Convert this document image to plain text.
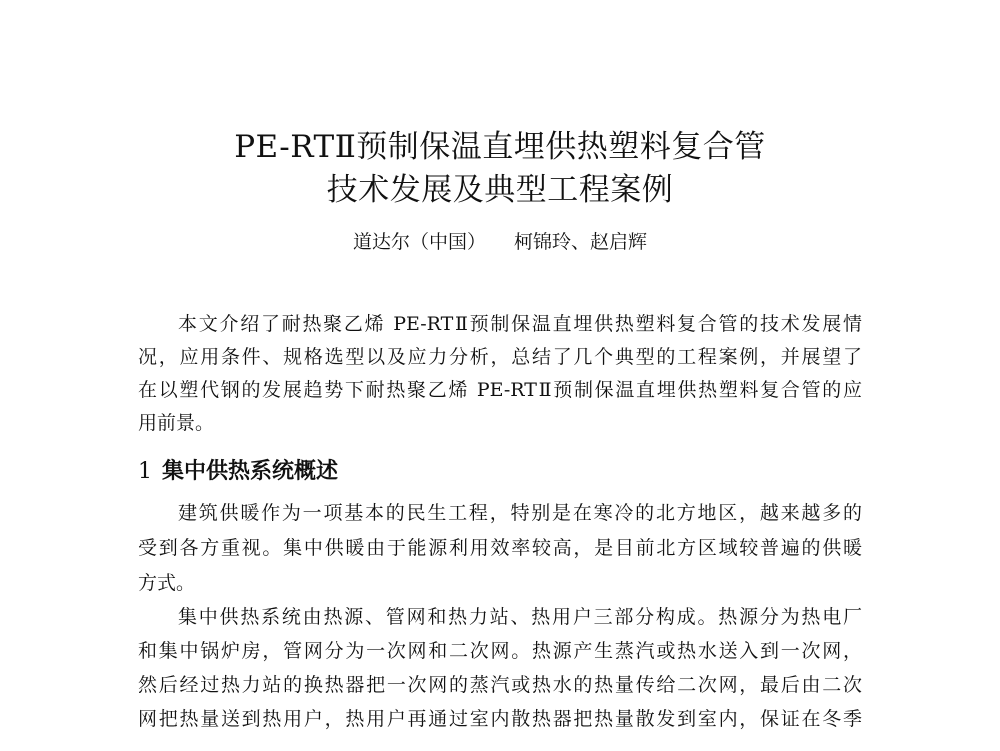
PE-RTⅡ预制保温直埋供热塑料复合管
技术发展及典型工程案例
道达尔（中国） 柯锦玲、赵启辉
本文介绍了耐热聚乙烯 PE-RTⅡ预制保温直埋供热塑料复合管的技术发展情
况，应用条件、规格选型以及应力分析，总结了几个典型的工程案例，并展望了
在以塑代钢的发展趋势下耐热聚乙烯 PE-RTⅡ预制保温直埋供热塑料复合管的应
用前景。
1 集中供热系统概述
建筑供暖作为一项基本的民生工程，特别是在寒冷的北方地区，越来越多的
受到各方重视。集中供暖由于能源利用效率较高，是目前北方区域较普遍的供暖
方式。
集中供热系统由热源、管网和热力站、热用户三部分构成。热源分为热电厂
和集中锅炉房，管网分为一次网和二次网。热源产生蒸汽或热水送入到一次网，
然后经过热力站的换热器把一次网的蒸汽或热水的热量传给二次网，最后由二次
网把热量送到热用户，热用户再通过室内散热器把热量散发到室内，保证在冬季
